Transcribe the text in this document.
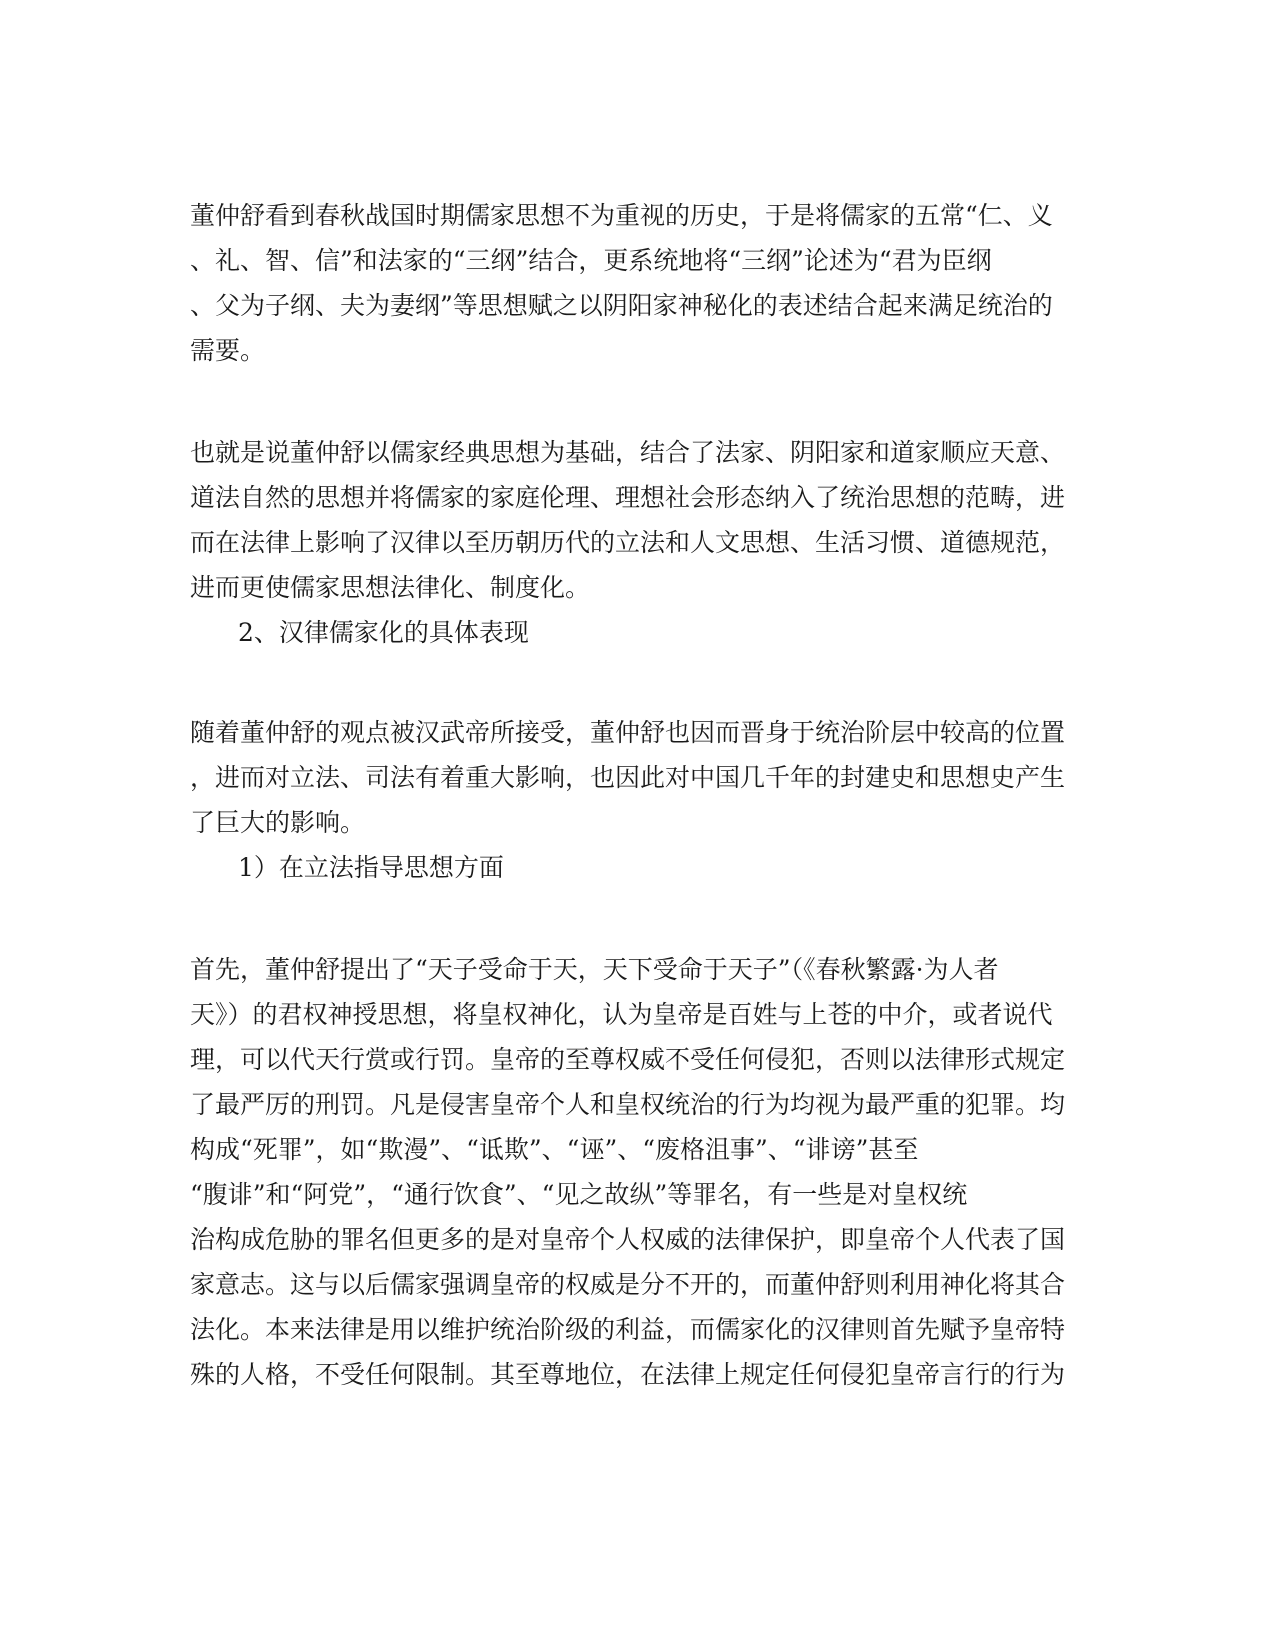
董仲舒看到春秋战国时期儒家思想不为重视的历史，于是将儒家的五常“仁、义
、礼、智、信”和法家的“三纲”结合，更系统地将“三纲”论述为“君为臣纲
、父为子纲、夫为妻纲”等思想赋之以阴阳家神秘化的表述结合起来满足统治的
需要。
也就是说董仲舒以儒家经典思想为基础，结合了法家、阴阳家和道家顺应天意、
道法自然的思想并将儒家的家庭伦理、理想社会形态纳入了统治思想的范畴，进
而在法律上影响了汉律以至历朝历代的立法和人文思想、生活习惯、道德规范，
进而更使儒家思想法律化、制度化。
2、汉律儒家化的具体表现
随着董仲舒的观点被汉武帝所接受，董仲舒也因而晋身于统治阶层中较高的位置
，进而对立法、司法有着重大影响，也因此对中国几千年的封建史和思想史产生
了巨大的影响。
1）在立法指导思想方面
首先，董仲舒提出了“天子受命于天，天下受命于天子”（《春秋繁露·为人者
天》）的君权神授思想，将皇权神化，认为皇帝是百姓与上苍的中介，或者说代
理，可以代天行赏或行罚。皇帝的至尊权威不受任何侵犯，否则以法律形式规定
了最严厉的刑罚。凡是侵害皇帝个人和皇权统治的行为均视为最严重的犯罪。均
构成“死罪”，如“欺漫”、“诋欺”、“诬”、“废格沮事”、“诽谤”甚至
“腹诽”和“阿党”，“通行饮食”、“见之故纵”等罪名，有一些是对皇权统
治构成危胁的罪名但更多的是对皇帝个人权威的法律保护，即皇帝个人代表了国
家意志。这与以后儒家强调皇帝的权威是分不开的，而董仲舒则利用神化将其合
法化。本来法律是用以维护统治阶级的利益，而儒家化的汉律则首先赋予皇帝特
殊的人格，不受任何限制。其至尊地位，在法律上规定任何侵犯皇帝言行的行为
